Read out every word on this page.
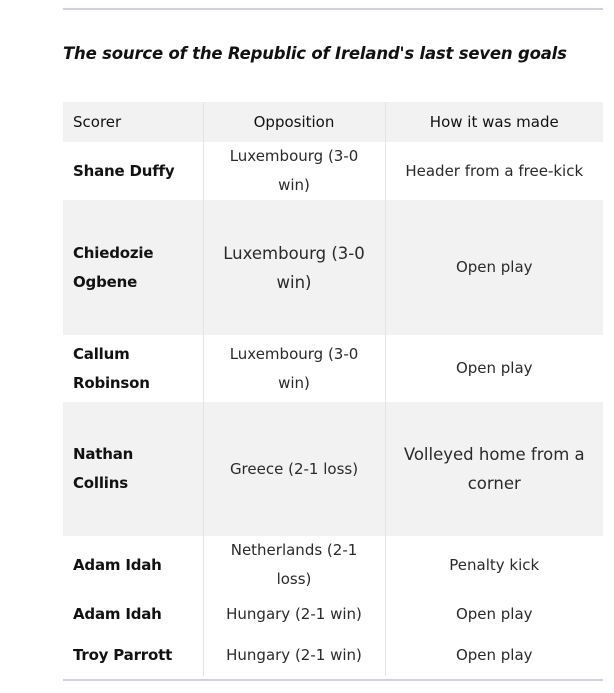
The source of the Republic of Ireland's last seven goals
Scorer	Opposition	How it was made
Shane Duffy	Luxembourg (3-0 win)	Header from a free-kick
Chiedozie Ogbene	Luxembourg (3-0 win)	Open play
Callum Robinson	Luxembourg (3-0 win)	Open play
Nathan Collins	Greece (2-1 loss)	Volleyed home from a corner
Adam Idah	Netherlands (2-1 loss)	Penalty kick
Adam Idah	Hungary (2-1 win)	Open play
Troy Parrott	Hungary (2-1 win)	Open play
